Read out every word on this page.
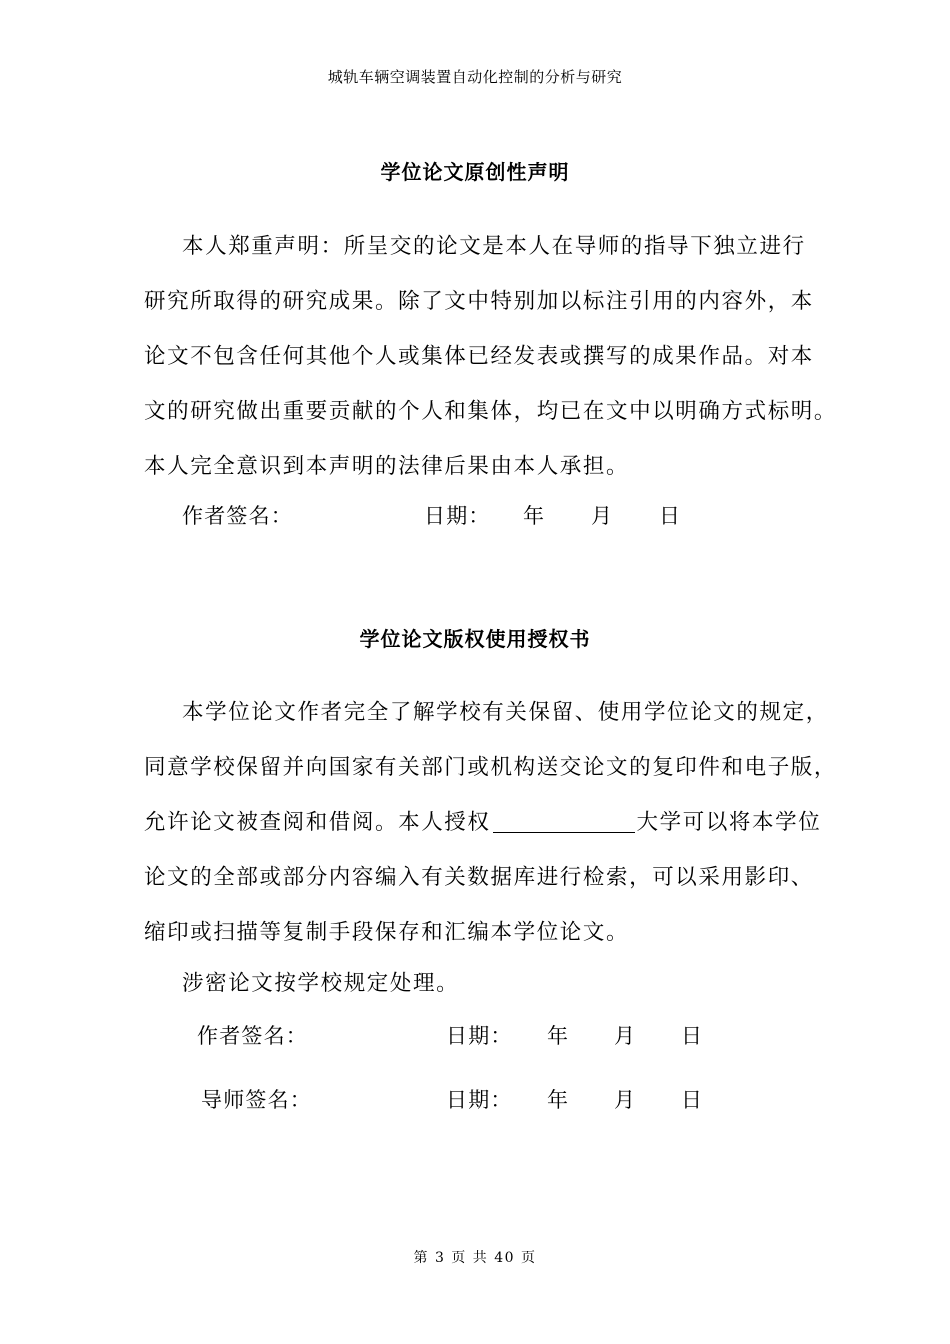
城轨车辆空调装置自动化控制的分析与研究
学位论文原创性声明
本人郑重声明：所呈交的论文是本人在导师的指导下独立进行
研究所取得的研究成果。除了文中特别加以标注引用的内容外，本
论文不包含任何其他个人或集体已经发表或撰写的成果作品。对本
文的研究做出重要贡献的个人和集体，均已在文中以明确方式标明。
本人完全意识到本声明的法律后果由本人承担。
作者签名：	日期： 年 月 日
学位论文版权使用授权书
本学位论文作者完全了解学校有关保留、使用学位论文的规定，
同意学校保留并向国家有关部门或机构送交论文的复印件和电子版，
允许论文被查阅和借阅。本人授权	大学可以将本学位
论文的全部或部分内容编入有关数据库进行检索，可以采用影印、
缩印或扫描等复制手段保存和汇编本学位论文。
涉密论文按学校规定处理。
作者签名：	日期： 年 月 日
导师签名：	日期： 年 月 日
第 3 页 共 40 页
